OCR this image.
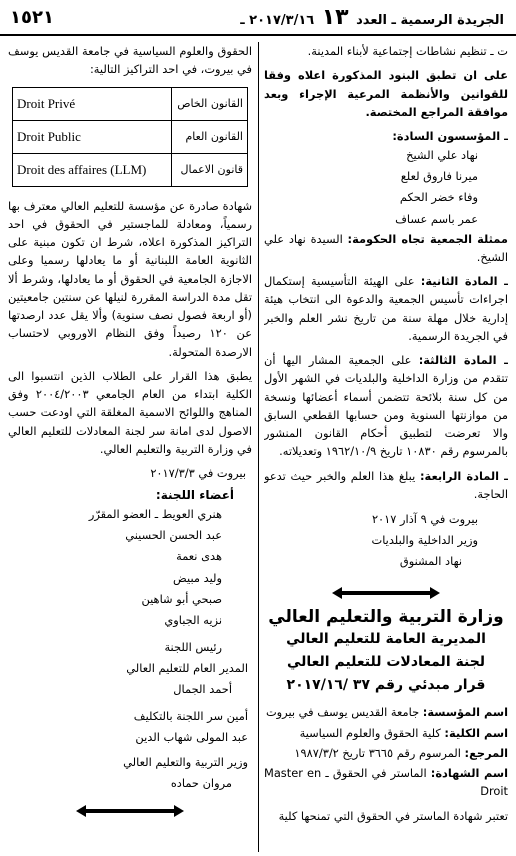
الجريدة الرسمية ـ العدد ١٣ ٢٠١٧/٣/١٦ ـ
١٥٢١

ت ـ تنظيم نشاطات إجتماعية لأبناء المدينة.

على ان تطبق البنود المذكورة اعلاه وفقا للقوانين والأنظمة المرعية الإجراء وبعد موافقة المراجع المختصة.

ـ المؤسسون السادة:

نهاد علي الشيخ
ميرنا فاروق لعلع
وفاء خضر الحكم
عمر باسم عساف

ممثلة الجمعية تجاه الحكومة: السيدة نهاد علي الشيخ.

ـ المادة الثانية: على الهيئة التأسيسية إستكمال اجراءات تأسيس الجمعية والدعوة الى انتخاب هيئة إدارية خلال مهلة سنة من تاريخ نشر العلم والخبر في الجريدة الرسمية.

ـ المادة الثالثة: على الجمعية المشار اليها أن تتقدم من وزارة الداخلية والبلديات في الشهر الأول من كل سنة بلائحة تتضمن أسماء أعضائها ونسخة من موازنتها السنوية ومن حسابها القطعي السابق والا تعرضت لتطبيق أحكام القانون المنشور بالمرسوم رقم ١٠٨٣٠ تاريخ ١٩٦٢/١٠/٩ وتعديلاته.

ـ المادة الرابعة: يبلغ هذا العلم والخبر حيث تدعو الحاجة.

بيروت في ٩ آذار ٢٠١٧
وزير الداخلية والبلديات
نهاد المشنوق
وزارة التربية والتعليم العالي
المديرية العامة للتعليم العالي
لجنة المعادلات للتعليم العالي
قرار مبدئي رقم ٣٧ /٢٠١٧/١٦

اسم المؤسسة: جامعة القديس يوسف في بيروت

اسم الكلية: كلية الحقوق والعلوم السياسية

المرجع: المرسوم رقم ٣٦٦٥ تاريخ ١٩٨٧/٣/٢

اسم الشهادة: الماستر في الحقوق ـ Master en Droit

تعتبر شهادة الماستر في الحقوق التي تمنحها كلية

الحقوق والعلوم السياسية في جامعة القديس يوسف في بيروت، في احد التراكيز التالية:

القانون الخاص	Droit Privé
القانون العام	Droit Public
قانون الاعمال	Droit des affaires (LLM)

شهادة صادرة عن مؤسسة للتعليم العالي معترف بها رسمياً، ومعادلة للماجستير في الحقوق في احد التراكيز المذكورة اعلاه، شرط ان تكون مبنية على الثانوية العامة اللبنانية أو ما يعادلها رسميا وعلى الاجازة الجامعية في الحقوق أو ما يعادلها، وشرط ألا تقل مدة الدراسة المقررة لنيلها عن سنتين جامعيتين (أو اربعة فصول نصف سنوية) وألا يقل عدد ارصدتها عن ١٢٠ رصيداً وفق النظام الاوروبي لاحتساب الارصدة المتحولة.

يطبق هذا القرار على الطلاب الذين انتسبوا الى الكلية ابتداء من العام الجامعي ٢٠٠٤/٢٠٠٣ وفق المناهج واللوائح الاسمية المغلقة التي اودعت حسب الاصول لدى امانة سر لجنة المعادلات للتعليم العالي في وزارة التربية والتعليم العالي.

بيروت في ٢٠١٧/٣/٣

أعضاء اللجنة:
هنري العويط ـ العضو المقرّر
عبد الحسن الحسيني
هدى نعمة
وليد مبيض
صبحي أبو شاهين
نزيه الجباوي
رئيس اللجنة
المدير العام للتعليم العالي
أحمد الجمال
أمين سر اللجنة بالتكليف
عبد المولى شهاب الدين
وزير التربية والتعليم العالي
مروان حماده
